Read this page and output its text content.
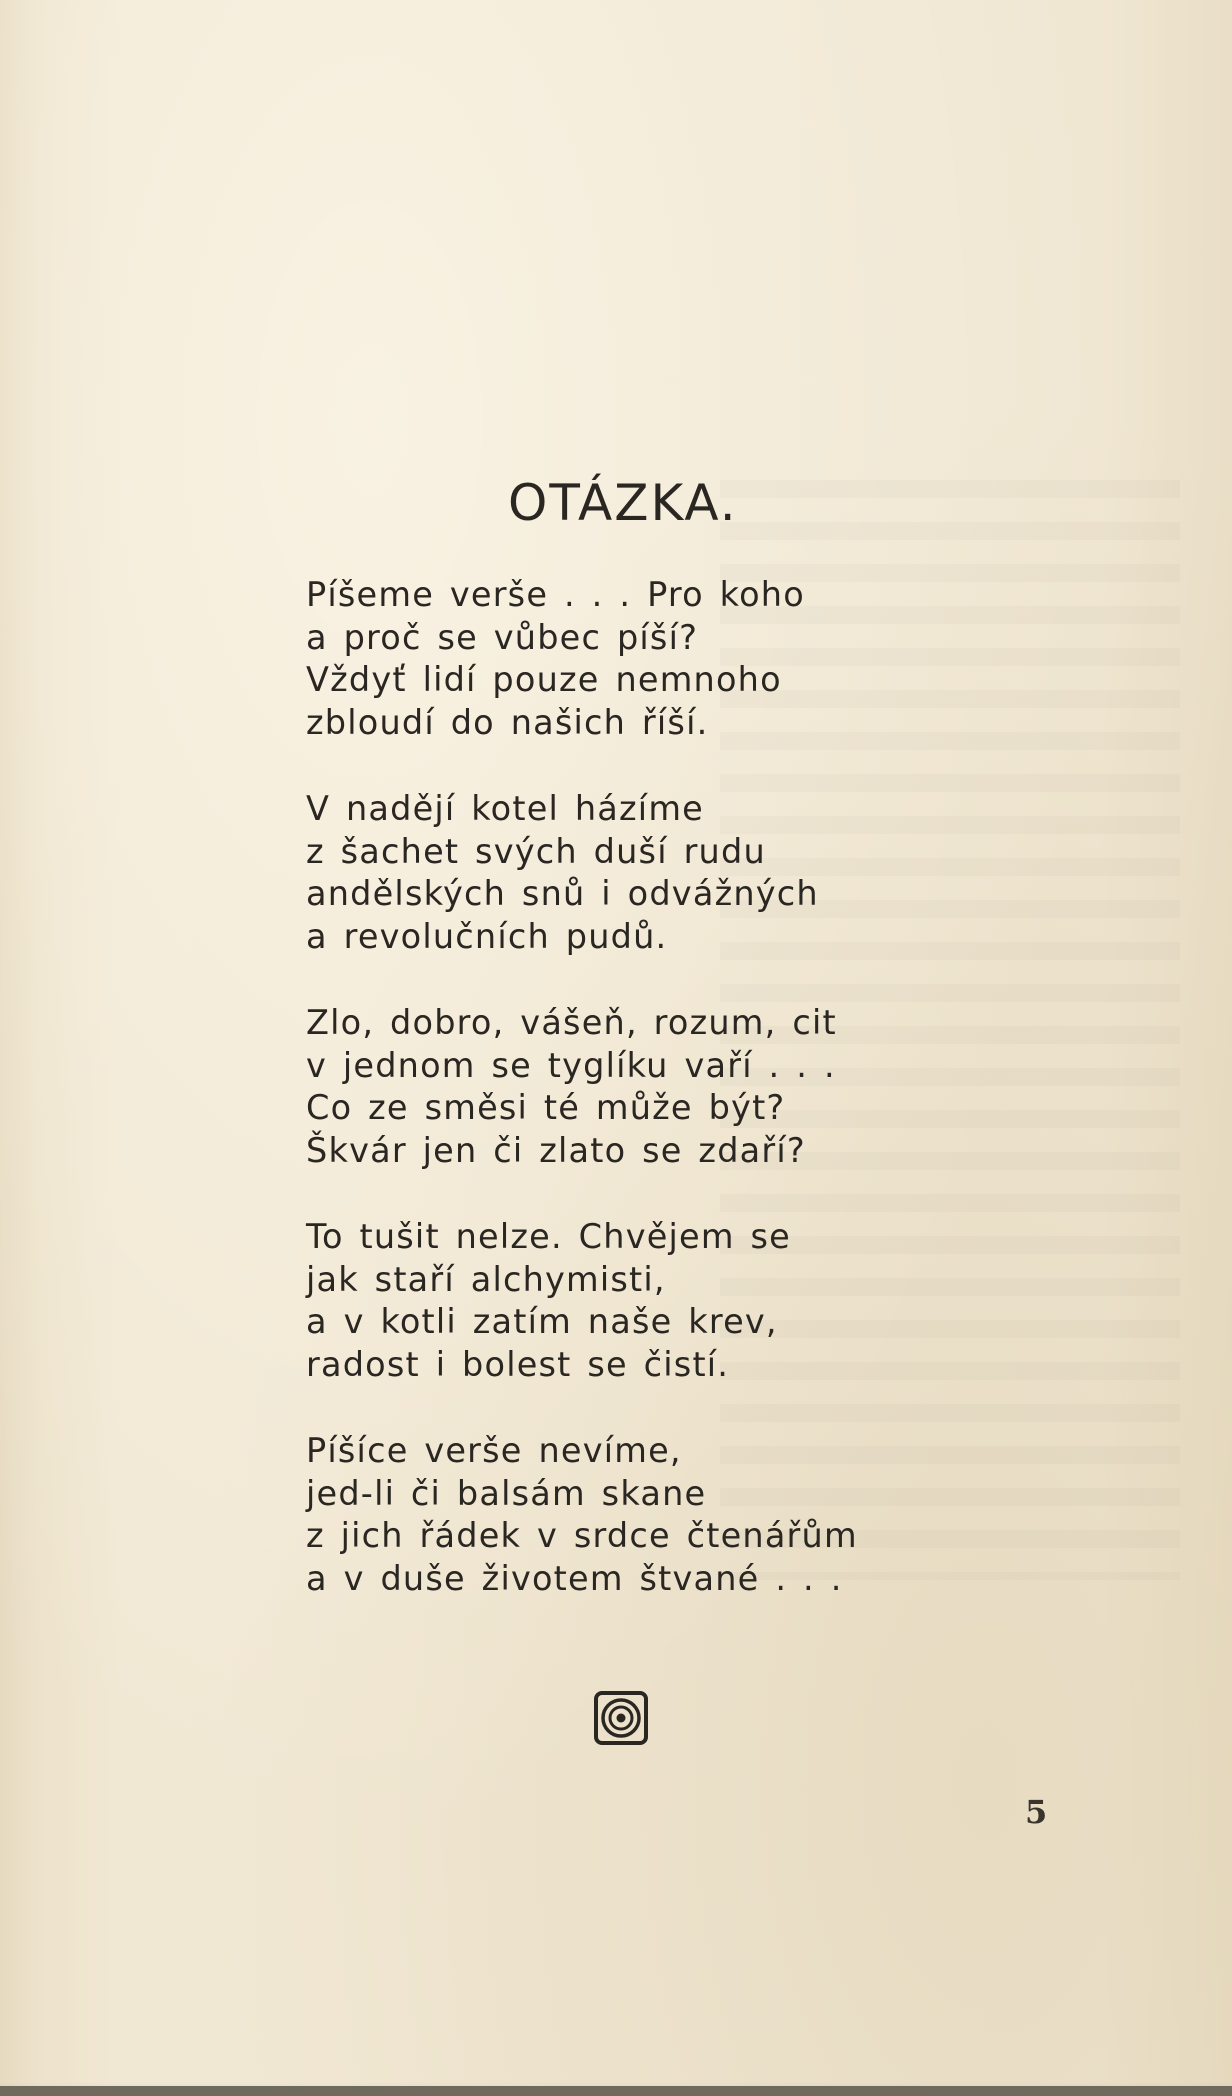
OTÁZKA.
Píšeme verše . . . Pro koho
a proč se vůbec píší?
Vždyť lidí pouze nemnoho
zbloudí do našich říší.
V nadějí kotel házíme
z šachet svých duší rudu
andělských snů i odvážných
a revolučních pudů.
Zlo, dobro, vášeň, rozum, cit
v jednom se tyglíku vaří . . .
Co ze směsi té může být?
Škvár jen či zlato se zdaří?
To tušit nelze. Chvějem se
jak staří alchymisti,
a v kotli zatím naše krev,
radost i bolest se čistí.
Píšíce verše nevíme,
jed-li či balsám skane
z jich řádek v srdce čtenářům
a v duše životem štvané . . .
5
